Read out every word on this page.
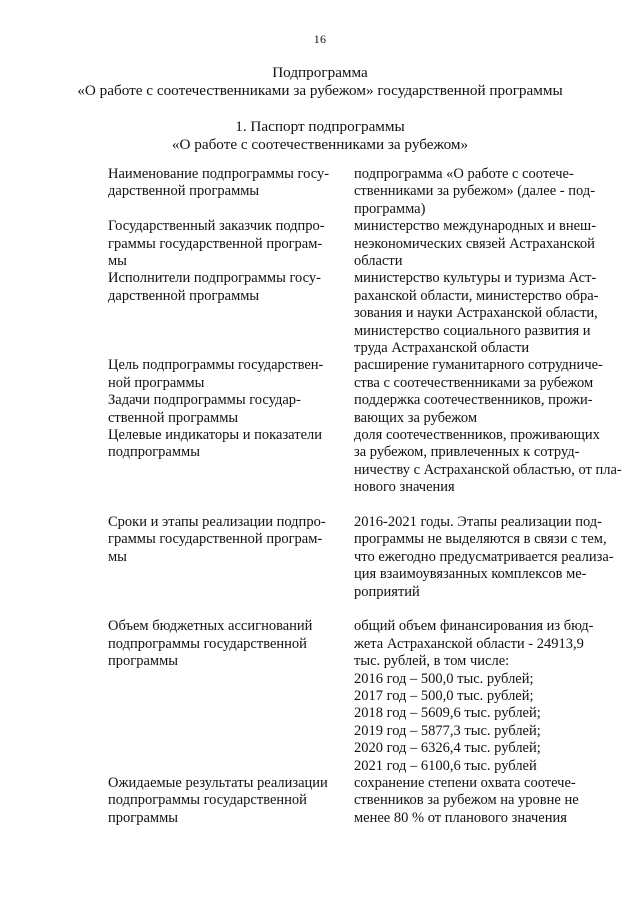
16
Подпрограмма
«О работе с соотечественниками за рубежом» государственной программы
1. Паспорт подпрограммы
«О работе с соотечественниками за рубежом»
Наименование подпрограммы госу-
дарственной программы
подпрограмма «О работе с соотече-
ственниками за рубежом» (далее - под-
программа)
Государственный заказчик подпро-
граммы государственной програм-
мы
министерство международных и внеш-
неэкономических связей Астраханской
области
Исполнители подпрограммы госу-
дарственной программы
министерство культуры и туризма Аст-
раханской области, министерство обра-
зования и науки Астраханской области,
министерство социального развития и
труда Астраханской области
Цель подпрограммы государствен-
ной программы
расширение гуманитарного сотрудниче-
ства с соотечественниками за рубежом
Задачи подпрограммы государ-
ственной программы
поддержка соотечественников, прожи-
вающих за рубежом
Целевые индикаторы и показатели
подпрограммы
доля соотечественников, проживающих
за рубежом, привлеченных к сотруд-
ничеству с Астраханской областью, от пла-
нового значения
Сроки и этапы реализации подпро-
граммы государственной програм-
мы
2016-2021 годы. Этапы реализации под-
программы не выделяются в связи с тем,
что ежегодно предусматривается реализа-
ция взаимоувязанных комплексов ме-
роприятий
Объем бюджетных ассигнований
подпрограммы государственной
программы
общий объем финансирования из бюд-
жета Астраханской области - 24913,9
тыс. рублей, в том числе:
2016 год – 500,0 тыс. рублей;
2017 год – 500,0 тыс. рублей;
2018 год – 5609,6 тыс. рублей;
2019 год – 5877,3 тыс. рублей;
2020 год – 6326,4 тыс. рублей;
2021 год – 6100,6 тыс. рублей
Ожидаемые результаты реализации
подпрограммы государственной
программы
сохранение степени охвата соотече-
ственников за рубежом на уровне не
менее 80 % от планового значения
